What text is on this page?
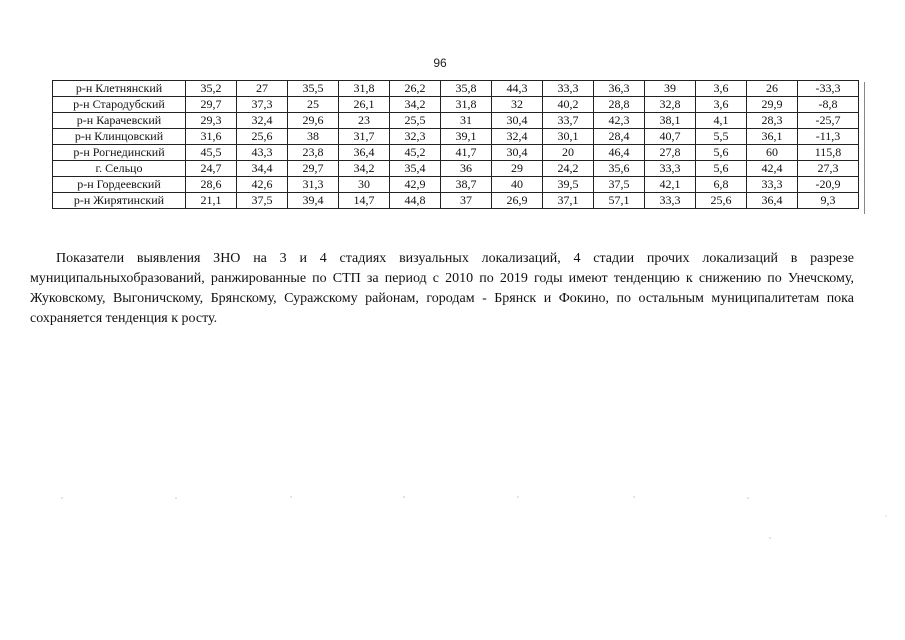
96
р-н Клетнянский	35,2	27	35,5	31,8	26,2	35,8	44,3	33,3	36,3	39	3,6	26	-33,3
р-н Стародубский	29,7	37,3	25	26,1	34,2	31,8	32	40,2	28,8	32,8	3,6	29,9	-8,8
р-н Карачевский	29,3	32,4	29,6	23	25,5	31	30,4	33,7	42,3	38,1	4,1	28,3	-25,7
р-н Клинцовский	31,6	25,6	38	31,7	32,3	39,1	32,4	30,1	28,4	40,7	5,5	36,1	-11,3
р-н Рогнединский	45,5	43,3	23,8	36,4	45,2	41,7	30,4	20	46,4	27,8	5,6	60	115,8
г. Сельцо	24,7	34,4	29,7	34,2	35,4	36	29	24,2	35,6	33,3	5,6	42,4	27,3
р-н Гордеевский	28,6	42,6	31,3	30	42,9	38,7	40	39,5	37,5	42,1	6,8	33,3	-20,9
р-н Жирятинский	21,1	37,5	39,4	14,7	44,8	37	26,9	37,1	57,1	33,3	25,6	36,4	9,3

Показатели выявления ЗНО на 3 и 4 стадиях визуальных локализаций, 4 стадии прочих локализаций в разрезе муниципальныхобразований, ранжированные по СТП за период с 2010 по 2019 годы имеют тенденцию к снижению по Унечскому, Жуковскому, Выгоничскому, Брянскому, Суражскому районам, городам - Брянск и Фокино, по остальным муниципалитетам пока сохраняется тенденция к росту.
